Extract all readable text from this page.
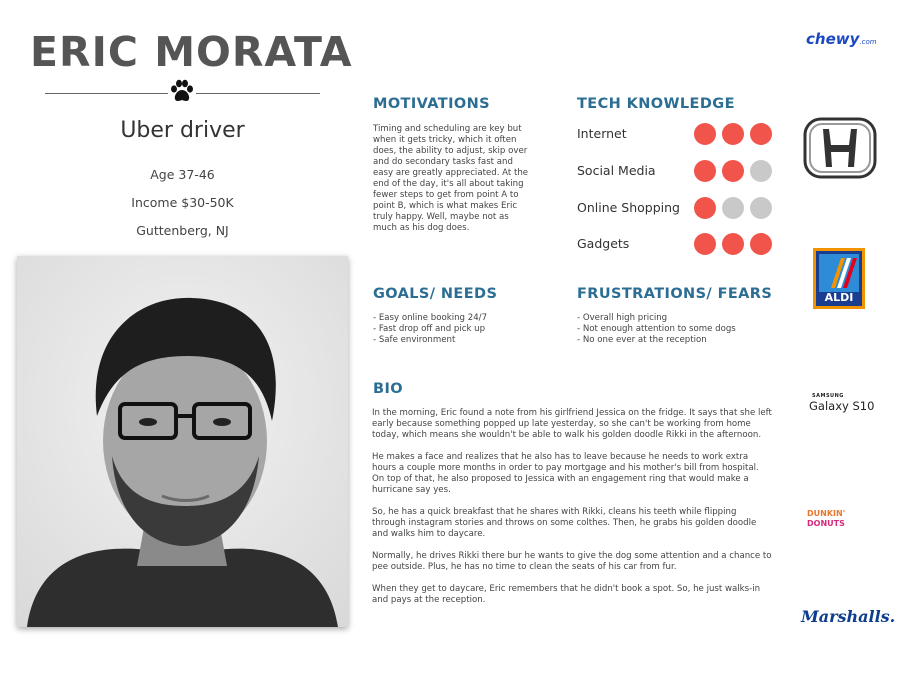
ERIC MORATA
Uber driver
Age 37-46
Income $30-50K
Guttenberg, NJ
MOTIVATIONS
Timing and scheduling are key but when it gets tricky, which it often does, the ability to adjust, skip over and do secondary tasks fast and easy are greatly appreciated. At the end of the day, it's all about taking fewer steps to get from point A to point B, which is what makes Eric truly happy. Well, maybe not as much as his dog does.
TECH KNOWLEDGE
Internet
Social Media
Online Shopping
Gadgets
GOALS/ NEEDS
- Easy online booking 24/7
- Fast drop off and pick up
- Safe environment
FRUSTRATIONS/ FEARS
- Overall high pricing
- Not enough attention to some dogs
- No one ever at the reception
BIO

In the morning, Eric found a note from his girlfriend Jessica on the fridge. It says that she left early because something popped up late yesterday, so she can't be working from home today, which means she wouldn't be able to walk his golden doodle Rikki in the afternoon.

He makes a face and realizes that he also has to leave because he needs to work extra hours a couple more months in order to pay mortgage and his mother's bill from hospital. On top of that, he also proposed to Jessica with an engagement ring that would make a hurricane say yes.

So, he has a quick breakfast that he shares with Rikki, cleans his teeth while flipping through instagram stories and throws on some colthes. Then, he grabs his golden doodle and walks him to daycare.

Normally, he drives Rikki there bur he wants to give the dog some attention and a chance to pee outside. Plus, he has no time to clean the seats of his car from fur.

When they get to daycare, Eric remembers that he didn't book a spot. So, he just walks-in and pays at the reception.

chewy.com
ALDI
SAMSUNG
Galaxy S10
DUNKIN'
DONUTS
Marshalls.
